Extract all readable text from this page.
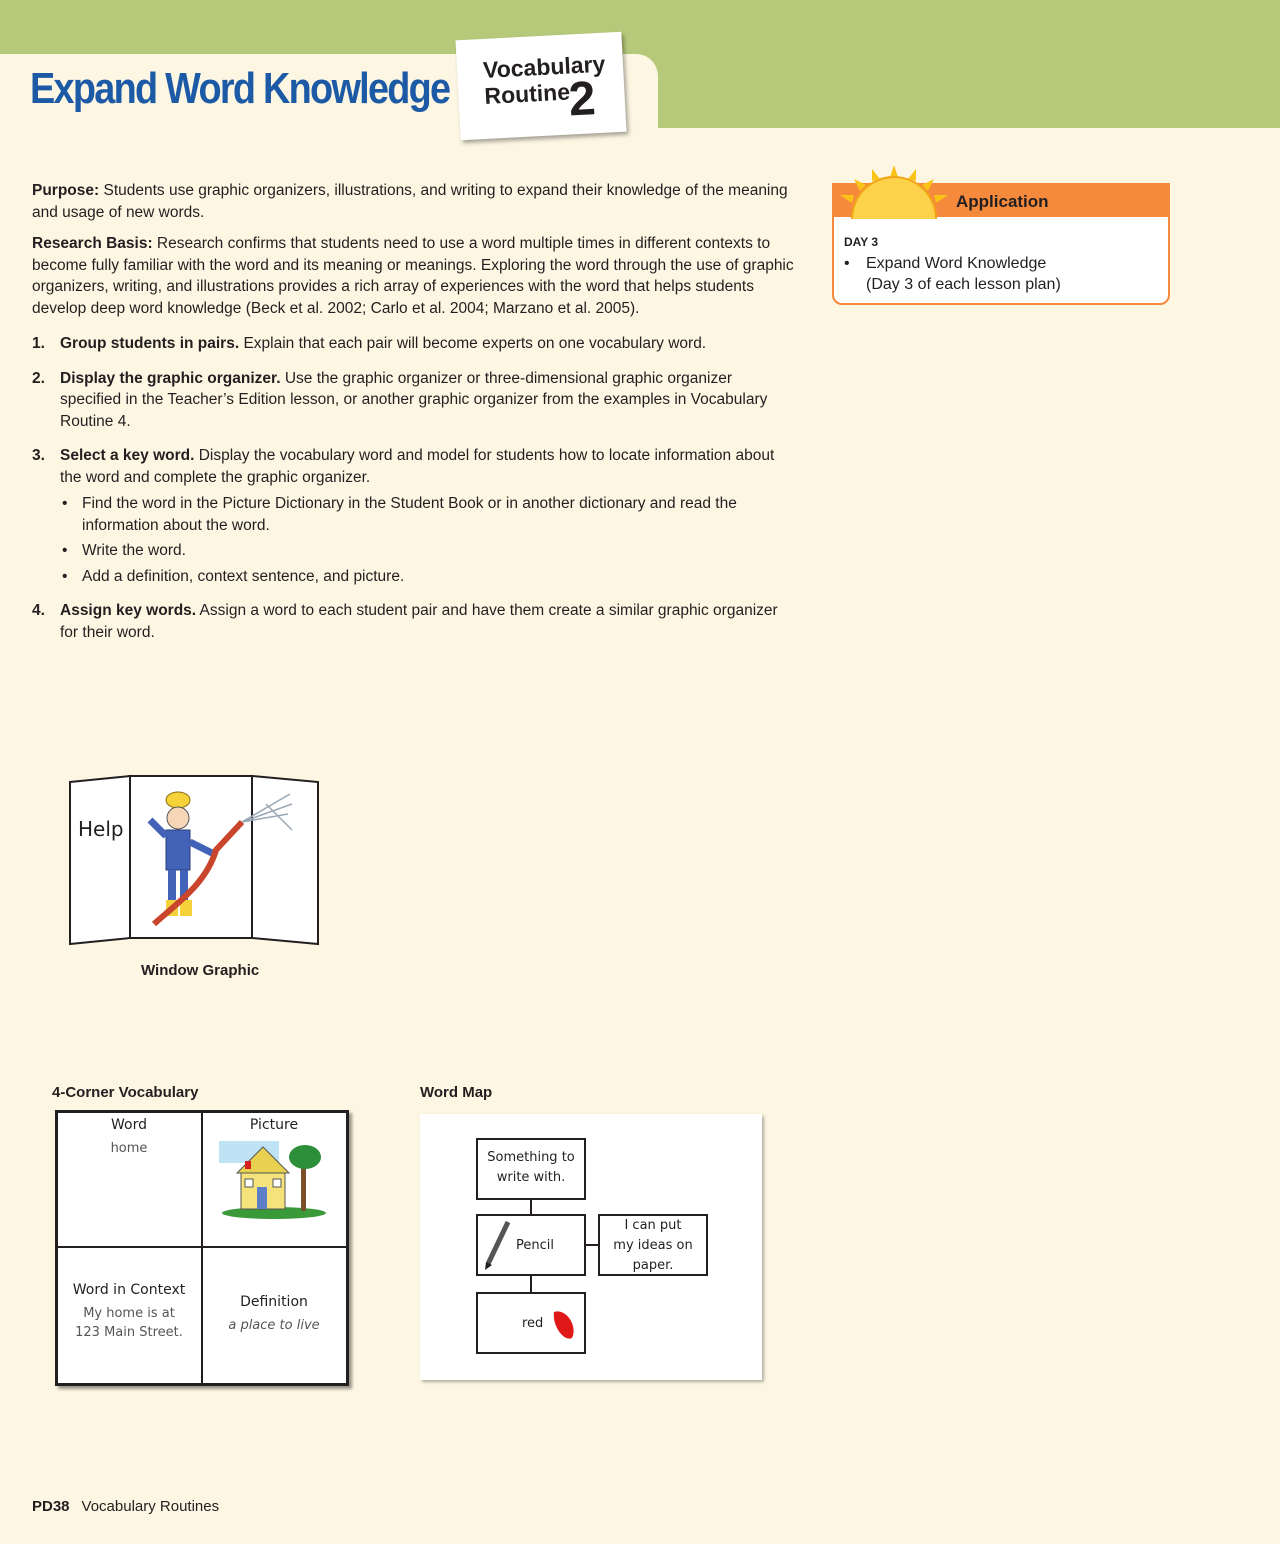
Expand Word Knowledge Vocabulary
Routine
2

Purpose: Students use graphic organizers, illustrations, and writing to expand their knowledge of the meaning and usage of new words.

Research Basis: Research confirms that students need to use a word multiple times in different contexts to become fully familiar with the word and its meaning or meanings. Exploring the word through the use of graphic organizers, writing, and illustrations provides a rich array of experiences with the word that helps students develop deep word knowledge (Beck et al. 2002; Carlo et al. 2004; Marzano et al. 2005).

1. Group students in pairs. Explain that each pair will become experts on one vocabulary word.
2. Display the graphic organizer. Use the graphic organizer or three-dimensional graphic organizer specified in the Teacher’s Edition lesson, or another graphic organizer from the examples in Vocabulary Routine 4.
3. Select a key word. Display the vocabulary word and model for students how to locate information about the word and complete the graphic organizer.
• Find the word in the Picture Dictionary in the Student Book or in another dictionary and read the information about the word.
• Write the word.
• Add a definition, context sentence, and picture.
4. Assign key words. Assign a word to each student pair and have them create a similar graphic organizer for their word.
Application
DAY 3
• Expand Word Knowledge
(Day 3 of each lesson plan)
Help
Window Graphic
4-Corner Vocabulary
Word
home
Picture
Word in Context
My home is at
123 Main Street.
Definition
a place to live
Word Map
Something to
write with.
Pencil
I can put
my ideas on
paper.
red
PD38 Vocabulary Routines
